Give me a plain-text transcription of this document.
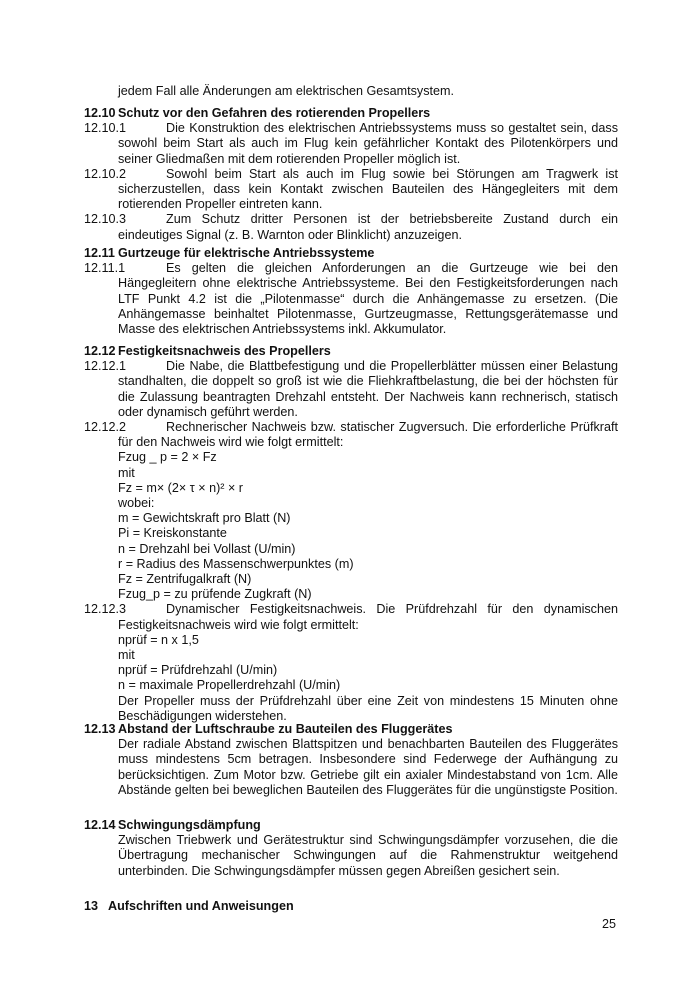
jedem Fall alle Änderungen am elektrischen Gesamtsystem.
12.10 Schutz vor den Gefahren des rotierenden Propellers
12.10.1	Die Konstruktion des elektrischen Antriebssystems muss so gestaltet sein, dass sowohl beim Start als auch im Flug kein gefährlicher Kontakt des Pilotenkörpers und seiner Gliedmaßen mit dem rotierenden Propeller möglich ist.
12.10.2	Sowohl beim Start als auch im Flug sowie bei Störungen am Tragwerk ist sicherzustellen, dass kein Kontakt zwischen Bauteilen des Hängegleiters mit dem rotierenden Propeller eintreten kann.
12.10.3	Zum Schutz dritter Personen ist der betriebsbereite Zustand durch ein eindeutiges Signal (z. B. Warnton oder Blinklicht) anzuzeigen.
12.11 Gurtzeuge für elektrische Antriebssysteme
12.11.1	Es gelten die gleichen Anforderungen an die Gurtzeuge wie bei den Hängegleitern ohne elektrische Antriebssysteme. Bei den Festigkeitsforderungen nach LTF Punkt 4.2 ist die „Pilotenmasse“ durch die Anhängemasse zu ersetzen. (Die Anhängemasse beinhaltet Pilotenmasse, Gurtzeugmasse, Rettungsgerätemasse und Masse des elektrischen Antriebssystems inkl. Akkumulator.
12.12 Festigkeitsnachweis des Propellers
12.12.1	Die Nabe, die Blattbefestigung und die Propellerblätter müssen einer Belastung standhalten, die doppelt so groß ist wie die Fliehkraftbelastung, die bei der höchsten für die Zulassung beantragten Drehzahl entsteht. Der Nachweis kann rechnerisch, statisch oder dynamisch geführt werden.
12.12.2	Rechnerischer Nachweis bzw. statischer Zugversuch. Die erforderliche Prüfkraft für den Nachweis wird wie folgt ermittelt:
Fzug _ p = 2 × Fz
mit
Fz = m× (2× τ × n)² × r
wobei:
m = Gewichtskraft pro Blatt (N)
Pi = Kreiskonstante
n = Drehzahl bei Vollast (U/min)
r = Radius des Massenschwerpunktes (m)
Fz = Zentrifugalkraft (N)
Fzug_p = zu prüfende Zugkraft (N)
12.12.3	Dynamischer Festigkeitsnachweis. Die Prüfdrehzahl für den dynamischen Festigkeitsnachweis wird wie folgt ermittelt:
nprüf = n x 1,5
mit
nprüf = Prüfdrehzahl (U/min)
n = maximale Propellerdrehzahl (U/min)
Der Propeller muss der Prüfdrehzahl über eine Zeit von mindestens 15 Minuten ohne Beschädigungen widerstehen.
12.13 Abstand der Luftschraube zu Bauteilen des Fluggerätes
Der radiale Abstand zwischen Blattspitzen und benachbarten Bauteilen des Fluggerätes muss mindestens 5cm betragen. Insbesondere sind Federwege der Aufhängung zu berücksichtigen. Zum Motor bzw. Getriebe gilt ein axialer Mindestabstand von 1cm. Alle Abstände gelten bei beweglichen Bauteilen des Fluggerätes für die ungünstigste Position.
12.14 Schwingungsdämpfung
Zwischen Triebwerk und Gerätestruktur sind Schwingungsdämpfer vorzusehen, die die Übertragung mechanischer Schwingungen auf die Rahmenstruktur weitgehend unterbinden. Die Schwingungsdämpfer müssen gegen Abreißen gesichert sein.
13 Aufschriften und Anweisungen
25
